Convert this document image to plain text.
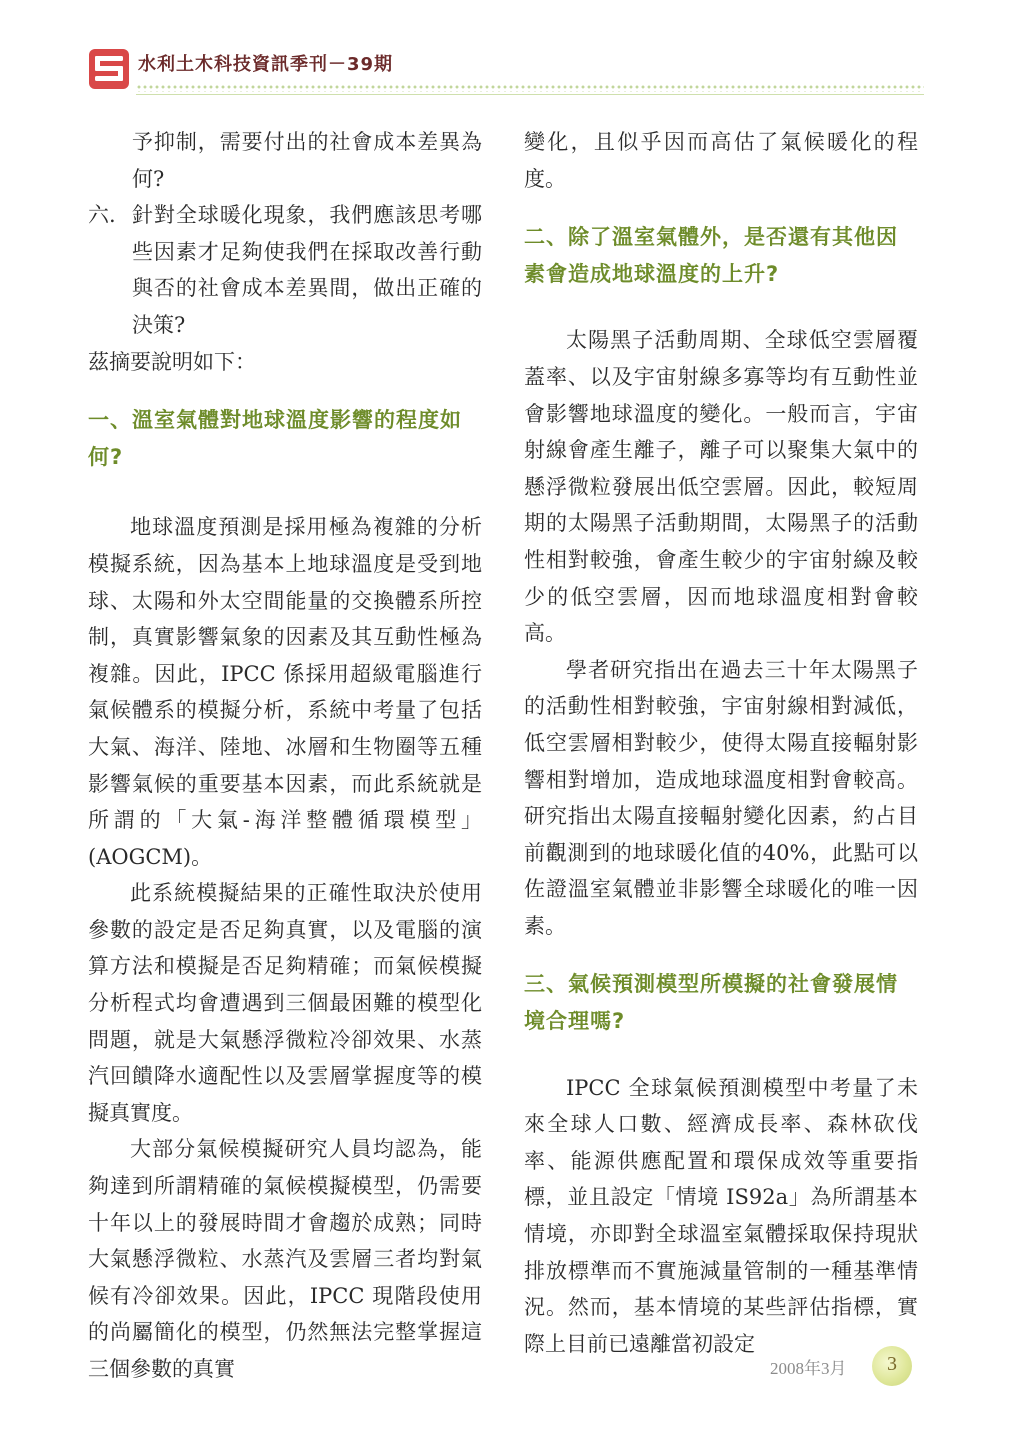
水利土木科技資訊季刊－39期

予抑制，需要付出的社會成本差異為何?

六. 針對全球暖化現象，我們應該思考哪些因素才足夠使我們在採取改善行動與否的社會成本差異間，做出正確的決策?

茲摘要說明如下：

一、溫室氣體對地球溫度影響的程度如何?

地球溫度預測是採用極為複雜的分析模擬系統，因為基本上地球溫度是受到地球、太陽和外太空間能量的交換體系所控制，真實影響氣象的因素及其互動性極為複雜。因此，IPCC 係採用超級電腦進行氣候體系的模擬分析，系統中考量了包括大氣、海洋、陸地、冰層和生物圈等五種影響氣候的重要基本因素，而此系統就是所謂的「大氣-海洋整體循環模型」(AOGCM)。

此系統模擬結果的正確性取決於使用參數的設定是否足夠真實，以及電腦的演算方法和模擬是否足夠精確；而氣候模擬分析程式均會遭遇到三個最困難的模型化問題，就是大氣懸浮微粒冷卻效果、水蒸汽回饋降水適配性以及雲層掌握度等的模擬真實度。

大部分氣候模擬研究人員均認為，能夠達到所謂精確的氣候模擬模型，仍需要十年以上的發展時間才會趨於成熟；同時大氣懸浮微粒、水蒸汽及雲層三者均對氣候有冷卻效果。因此，IPCC 現階段使用的尚屬簡化的模型，仍然無法完整掌握這三個參數的真實

變化，且似乎因而高估了氣候暖化的程度。

二、除了溫室氣體外，是否還有其他因素會造成地球溫度的上升?

太陽黑子活動周期、全球低空雲層覆蓋率、以及宇宙射線多寡等均有互動性並會影響地球溫度的變化。一般而言，宇宙射線會產生離子，離子可以聚集大氣中的懸浮微粒發展出低空雲層。因此，較短周期的太陽黑子活動期間，太陽黑子的活動性相對較強，會產生較少的宇宙射線及較少的低空雲層，因而地球溫度相對會較高。

學者研究指出在過去三十年太陽黑子的活動性相對較強，宇宙射線相對減低，低空雲層相對較少，使得太陽直接輻射影響相對增加，造成地球溫度相對會較高。研究指出太陽直接輻射變化因素，約占目前觀測到的地球暖化值的40%，此點可以佐證溫室氣體並非影響全球暖化的唯一因素。

三、氣候預測模型所模擬的社會發展情境合理嗎?

IPCC 全球氣候預測模型中考量了未來全球人口數、經濟成長率、森林砍伐率、能源供應配置和環保成效等重要指標，並且設定「情境 IS92a」為所謂基本情境，亦即對全球溫室氣體採取保持現狀排放標準而不實施減量管制的一種基準情況。然而，基本情境的某些評估指標，實際上目前已遠離當初設定

2008年3月	3
